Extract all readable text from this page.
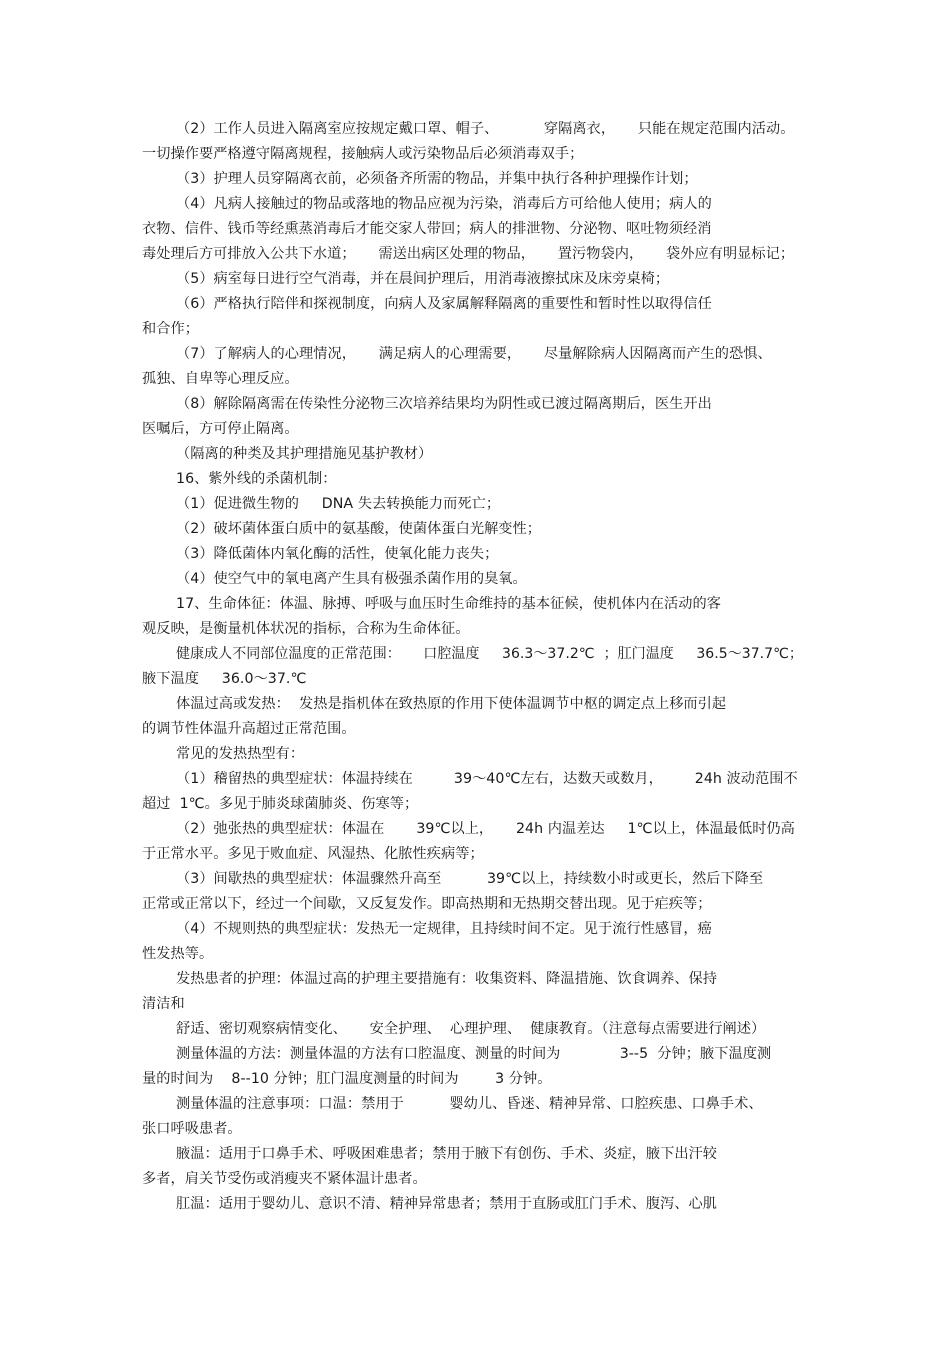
（2）工作人员进入隔离室应按规定戴口罩、帽子、          穿隔离衣，     只能在规定范围内活动。
一切操作要严格遵守隔离规程，接触病人或污染物品后必须消毒双手；
（3）护理人员穿隔离衣前，必须备齐所需的物品，并集中执行各种护理操作计划；
（4）凡病人接触过的物品或落地的物品应视为污染，消毒后方可给他人使用；病人的
衣物、信件、钱币等经熏蒸消毒后才能交家人带回；病人的排泄物、分泌物、呕吐物须经消
毒处理后方可排放入公共下水道；     需送出病区处理的物品，     置污物袋内，     袋外应有明显标记；
（5）病室每日进行空气消毒，并在晨间护理后，用消毒液擦拭床及床旁桌椅；
（6）严格执行陪伴和探视制度，向病人及家属解释隔离的重要性和暂时性以取得信任
和合作；
（7）了解病人的心理情况，     满足病人的心理需要，     尽量解除病人因隔离而产生的恐惧、
孤独、自卑等心理反应。
（8）解除隔离需在传染性分泌物三次培养结果均为阴性或已渡过隔离期后，医生开出
医嘱后，方可停止隔离。
（隔离的种类及其护理措施见基护教材）
16、紫外线的杀菌机制：
（1）促进微生物的     DNA 失去转换能力而死亡；
（2）破坏菌体蛋白质中的氨基酸，使菌体蛋白光解变性；
（3）降低菌体内氧化酶的活性，使氧化能力丧失；
（4）使空气中的氧电离产生具有极强杀菌作用的臭氧。
17、生命体征：体温、脉搏、呼吸与血压时生命维持的基本征候，使机体内在活动的客
观反映，是衡量机体状况的指标，合称为生命体征。
健康成人不同部位温度的正常范围：     口腔温度     36.3～37.2℃  ；肛门温度     36.5～37.7℃；
腋下温度     36.0～37.℃
体温过高或发热：  发热是指机体在致热原的作用下使体温调节中枢的调定点上移而引起
的调节性体温升高超过正常范围。
常见的发热热型有：
（1）稽留热的典型症状：体温持续在         39～40℃左右，达数天或数月，       24h 波动范围不
超过  1℃。多见于肺炎球菌肺炎、伤寒等；
（2）弛张热的典型症状：体温在       39℃以上，     24h 内温差达     1℃以上，体温最低时仍高
于正常水平。多见于败血症、风湿热、化脓性疾病等；
（3）间歇热的典型症状：体温骤然升高至          39℃以上，持续数小时或更长，然后下降至
正常或正常以下，经过一个间歇，又反复发作。即高热期和无热期交替出现。见于疟疾等；
（4）不规则热的典型症状：发热无一定规律，且持续时间不定。见于流行性感冒，癌
性发热等。
发热患者的护理：体温过高的护理主要措施有：收集资料、降温措施、饮食调养、保持
清洁和
舒适、密切观察病情变化、     安全护理、  心理护理、  健康教育。（注意每点需要进行阐述）
测量体温的方法：测量体温的方法有口腔温度、测量的时间为             3--5  分钟；腋下温度测
量的时间为    8--10 分钟；肛门温度测量的时间为        3 分钟。
测量体温的注意事项：口温：禁用于          婴幼儿、昏迷、精神异常、口腔疾患、口鼻手术、
张口呼吸患者。
腋温：适用于口鼻手术、呼吸困难患者；禁用于腋下有创伤、手术、炎症，腋下出汗较
多者，肩关节受伤或消瘦夹不紧体温计患者。
肛温：适用于婴幼儿、意识不清、精神异常患者；禁用于直肠或肛门手术、腹泻、心肌
